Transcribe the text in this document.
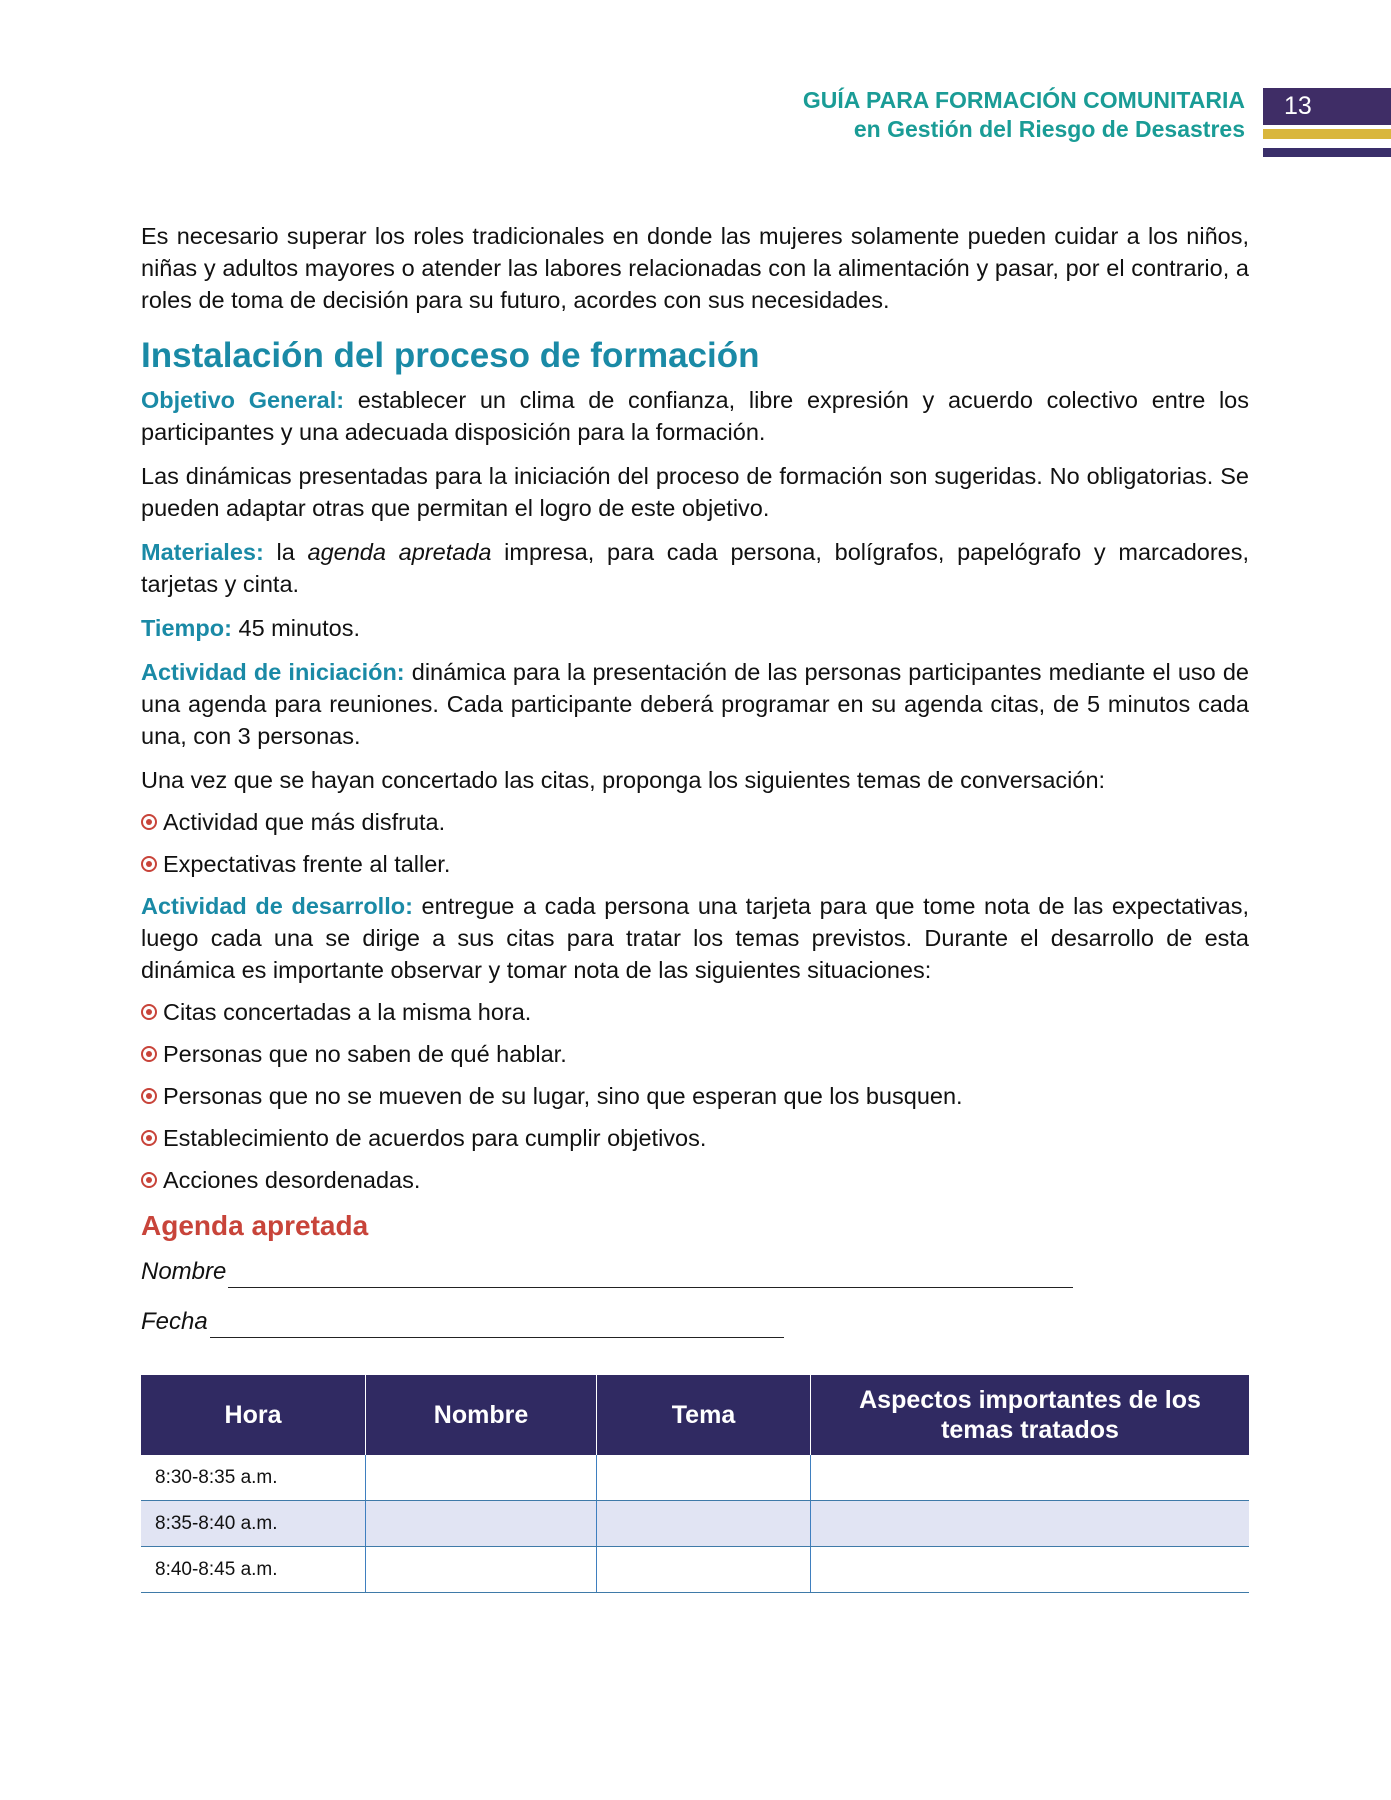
GUÍA PARA FORMACIÓN COMUNITARIA
en Gestión del Riesgo de Desastres
13

Es necesario superar los roles tradicionales en donde las mujeres solamente pueden cuidar a los niños, niñas y adultos mayores o atender las labores relacionadas con la alimentación y pasar, por el contrario, a roles de toma de decisión para su futuro, acordes con sus necesidades.

Instalación del proceso de formación

Objetivo General: establecer un clima de confianza, libre expresión y acuerdo colectivo entre los participantes y una adecuada disposición para la formación.

Las dinámicas presentadas para la iniciación del proceso de formación son sugeridas. No obligatorias. Se pueden adaptar otras que permitan el logro de este objetivo.

Materiales: la agenda apretada impresa, para cada persona, bolígrafos, papelógrafo y marcadores, tarjetas y cinta.

Tiempo: 45 minutos.

Actividad de iniciación: dinámica para la presentación de las personas participantes mediante el uso de una agenda para reuniones. Cada participante deberá programar en su agenda citas, de 5 minutos cada una, con 3 personas.

Una vez que se hayan concertado las citas, proponga los siguientes temas de conversación:

Actividad que más disfruta.
Expectativas frente al taller.

Actividad de desarrollo: entregue a cada persona una tarjeta para que tome nota de las expectativas, luego cada una se dirige a sus citas para tratar los temas previstos. Durante el desarrollo de esta dinámica es importante observar y tomar nota de las siguientes situaciones:

Citas concertadas a la misma hora.
Personas que no saben de qué hablar.
Personas que no se mueven de su lugar, sino que esperan que los busquen.
Establecimiento de acuerdos para cumplir objetivos.
Acciones desordenadas.
Agenda apretada
Nombre
Fecha
Hora	Nombre	Tema	Aspectos importantes de los temas tratados
8:30-8:35 a.m.			
8:35-8:40 a.m.			
8:40-8:45 a.m.			
